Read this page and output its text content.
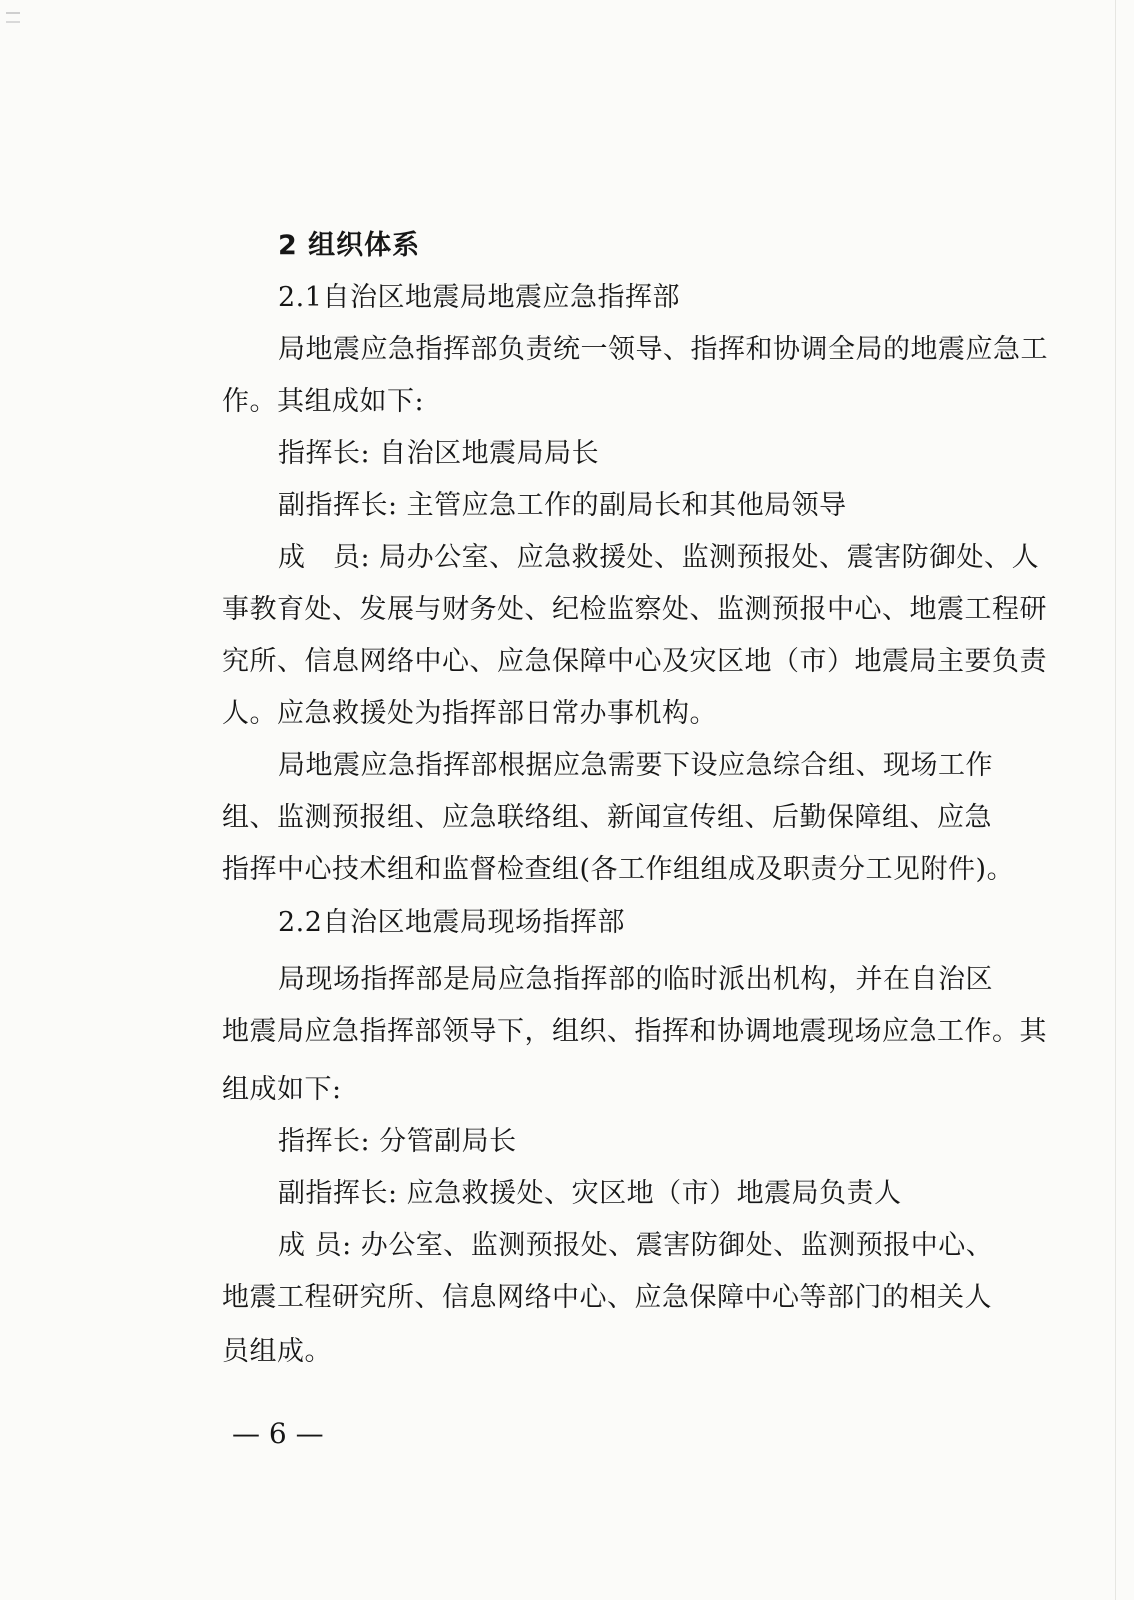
2 组织体系
2.1自治区地震局地震应急指挥部
局地震应急指挥部负责统一领导、指挥和协调全局的地震应急工
作。其组成如下:
指挥长: 自治区地震局局长
副指挥长: 主管应急工作的副局长和其他局领导
成　员: 局办公室、应急救援处、监测预报处、震害防御处、人
事教育处、发展与财务处、纪检监察处、监测预报中心、地震工程研
究所、信息网络中心、应急保障中心及灾区地（市）地震局主要负责
人。应急救援处为指挥部日常办事机构。
局地震应急指挥部根据应急需要下设应急综合组、现场工作
组、监测预报组、应急联络组、新闻宣传组、后勤保障组、应急
指挥中心技术组和监督检查组(各工作组组成及职责分工见附件)。
2.2自治区地震局现场指挥部
局现场指挥部是局应急指挥部的临时派出机构，并在自治区
地震局应急指挥部领导下，组织、指挥和协调地震现场应急工作。其
组成如下:
指挥长: 分管副局长
副指挥长: 应急救援处、灾区地（市）地震局负责人
成 员: 办公室、监测预报处、震害防御处、监测预报中心、
地震工程研究所、信息网络中心、应急保障中心等部门的相关人
员组成。
— 6 —
